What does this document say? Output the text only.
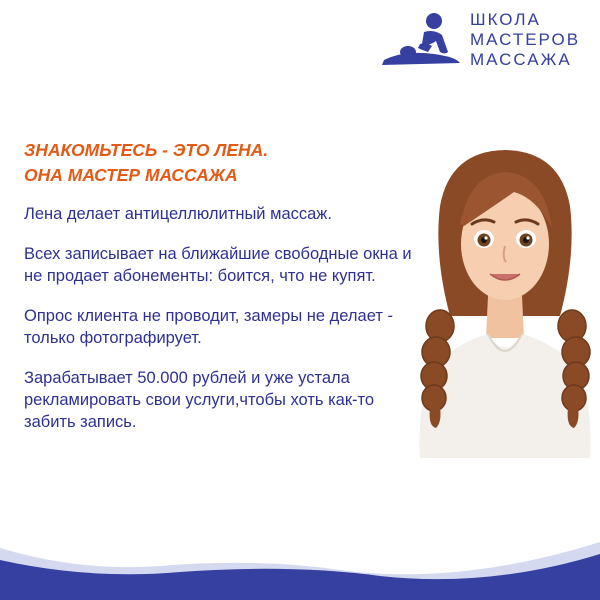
ШКОЛА
МАСТЕРОВ
МАССАЖА
ЗНАКОМЬТЕСЬ - ЭТО ЛЕНА.
ОНА МАСТЕР МАССАЖА

Лена делает антицеллюлитный массаж.

Всех записывает на ближайшие свободные окна и не продает абонементы: боится, что не купят.

Опрос клиента не проводит, замеры не делает - только фотографирует.

Зарабатывает 50.000 рублей и уже устала рекламировать свои услуги,чтобы хоть как-то забить запись.
